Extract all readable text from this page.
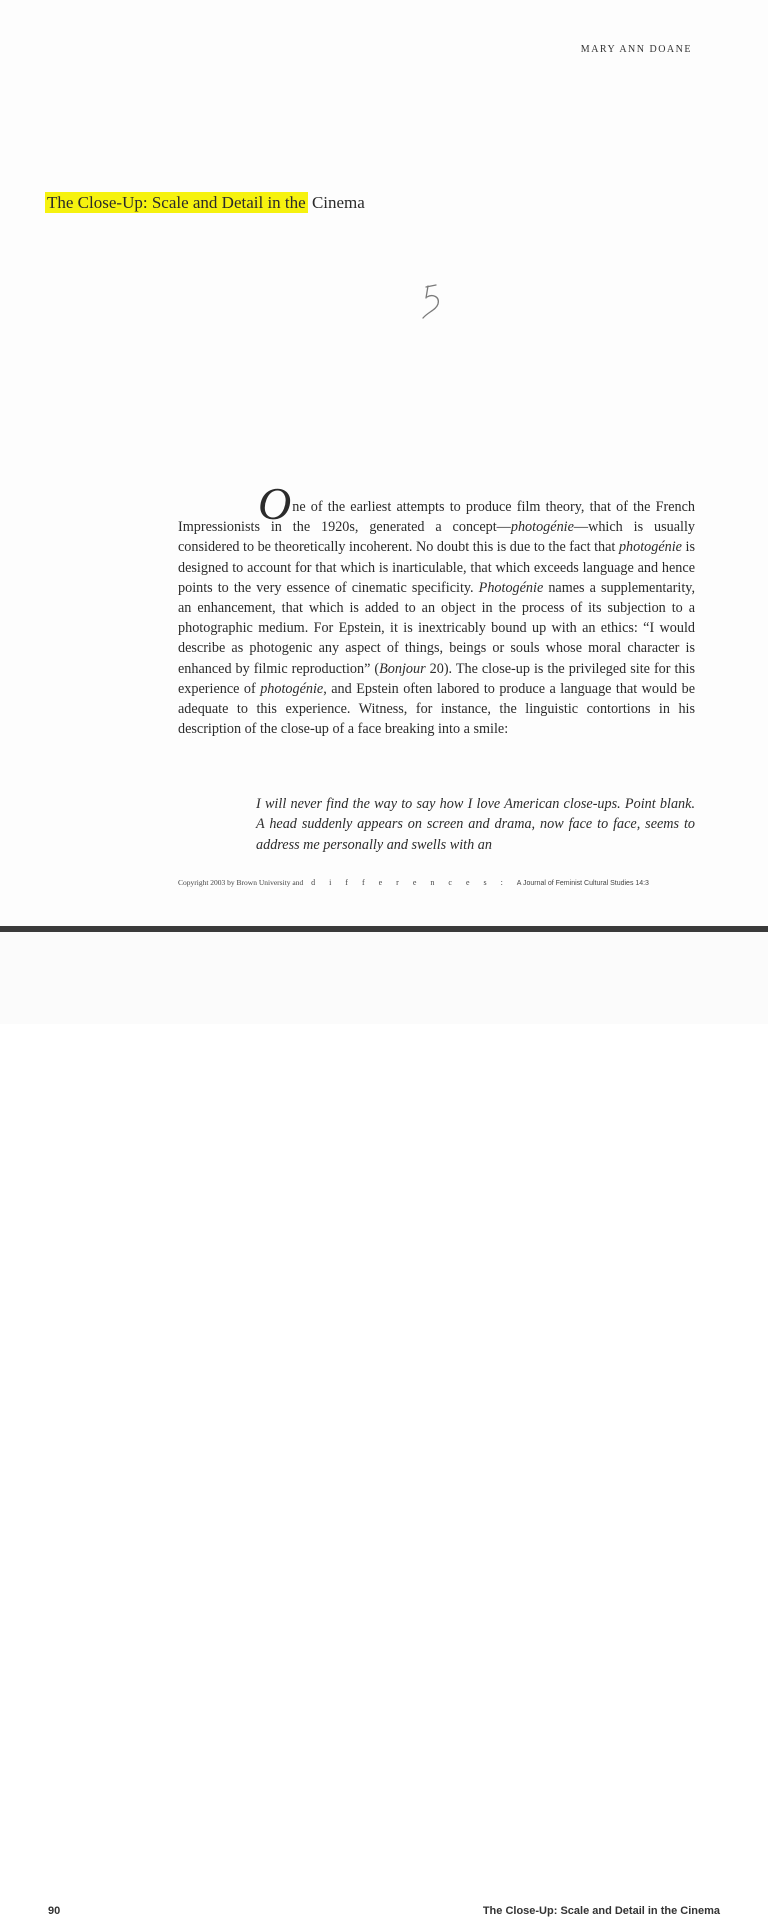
MARY ANN DOANE
The Close-Up: Scale and Detail in the Cinema

One of the earliest attempts to produce film theory, that of the French Impressionists in the 1920s, generated a concept—photogénie—which is usually considered to be theoretically incoherent. No doubt this is due to the fact that photogénie is designed to account for that which is inarticulable, that which exceeds language and hence points to the very essence of cinematic specificity. Photogénie names a supplementarity, an enhancement, that which is added to an object in the process of its subjection to a photographic medium. For Epstein, it is inextricably bound up with an ethics: “I would describe as photogenic any aspect of things, beings or souls whose moral character is enhanced by filmic reproduction” (Bonjour 20). The close-up is the privileged site for this experience of photogénie, and Epstein often labored to produce a language that would be adequate to this experience. Witness, for instance, the linguistic contortions in his description of the close-up of a face breaking into a smile:

I will never find the way to say how I love American close-ups. Point blank. A head suddenly appears on screen and drama, now face to face, seems to address me personally and swells with an
Copyright 2003 by Brown University and d i f f e r e n c e s : A Journal of Feminist Cultural Studies 14:3
90	The Close-Up: Scale and Detail in the Cinema
